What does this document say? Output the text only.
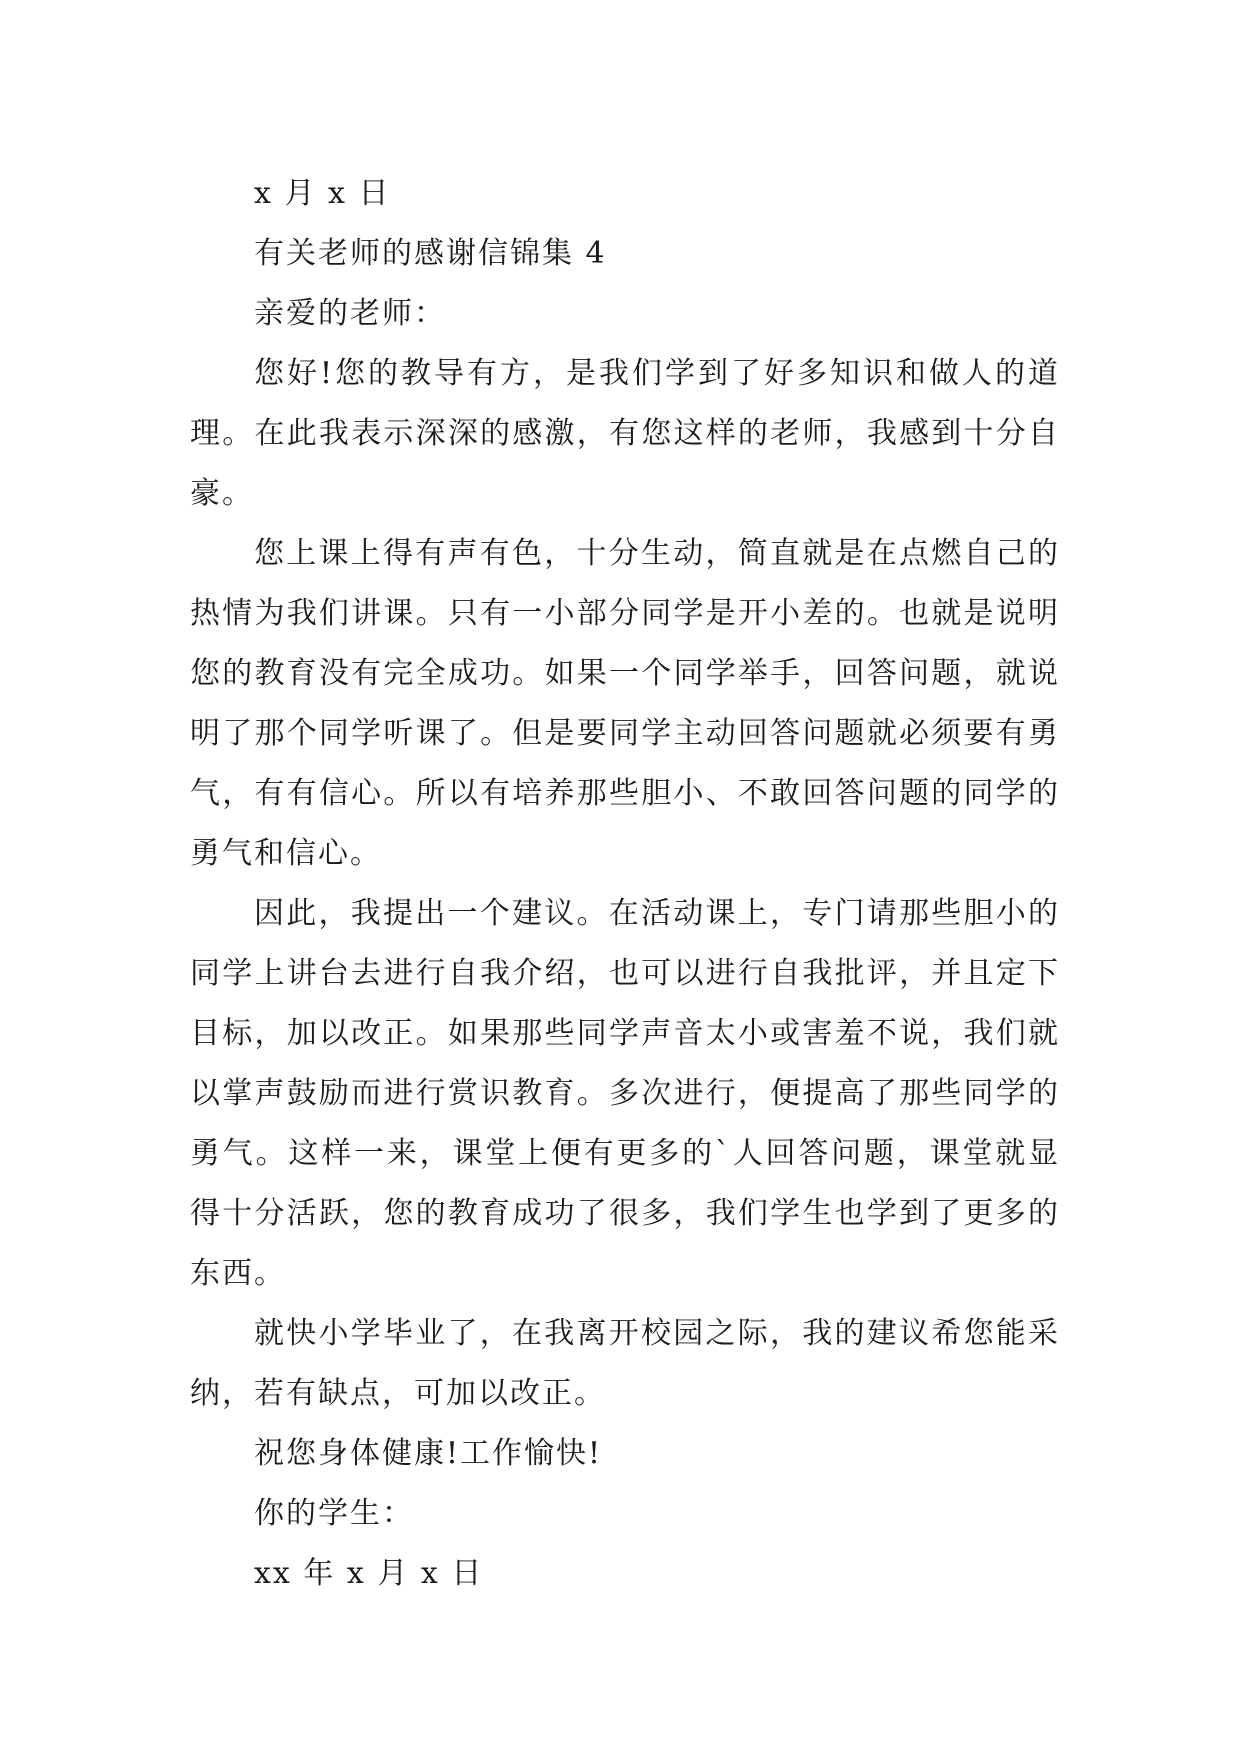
x 月 x 日

有关老师的感谢信锦集 4

亲爱的老师：

您好!您的教导有方，是我们学到了好多知识和做人的道理。在此我表示深深的感激，有您这样的老师，我感到十分自豪。

您上课上得有声有色，十分生动，简直就是在点燃自己的热情为我们讲课。只有一小部分同学是开小差的。也就是说明您的教育没有完全成功。如果一个同学举手，回答问题，就说明了那个同学听课了。但是要同学主动回答问题就必须要有勇气，有有信心。所以有培养那些胆小、不敢回答问题的同学的勇气和信心。

因此，我提出一个建议。在活动课上，专门请那些胆小的同学上讲台去进行自我介绍，也可以进行自我批评，并且定下目标，加以改正。如果那些同学声音太小或害羞不说，我们就以掌声鼓励而进行赏识教育。多次进行，便提高了那些同学的勇气。这样一来，课堂上便有更多的`人回答问题，课堂就显得十分活跃，您的教育成功了很多，我们学生也学到了更多的东西。

就快小学毕业了，在我离开校园之际，我的建议希您能采纳，若有缺点，可加以改正。

祝您身体健康!工作愉快!

你的学生：

xx 年 x 月 x 日
